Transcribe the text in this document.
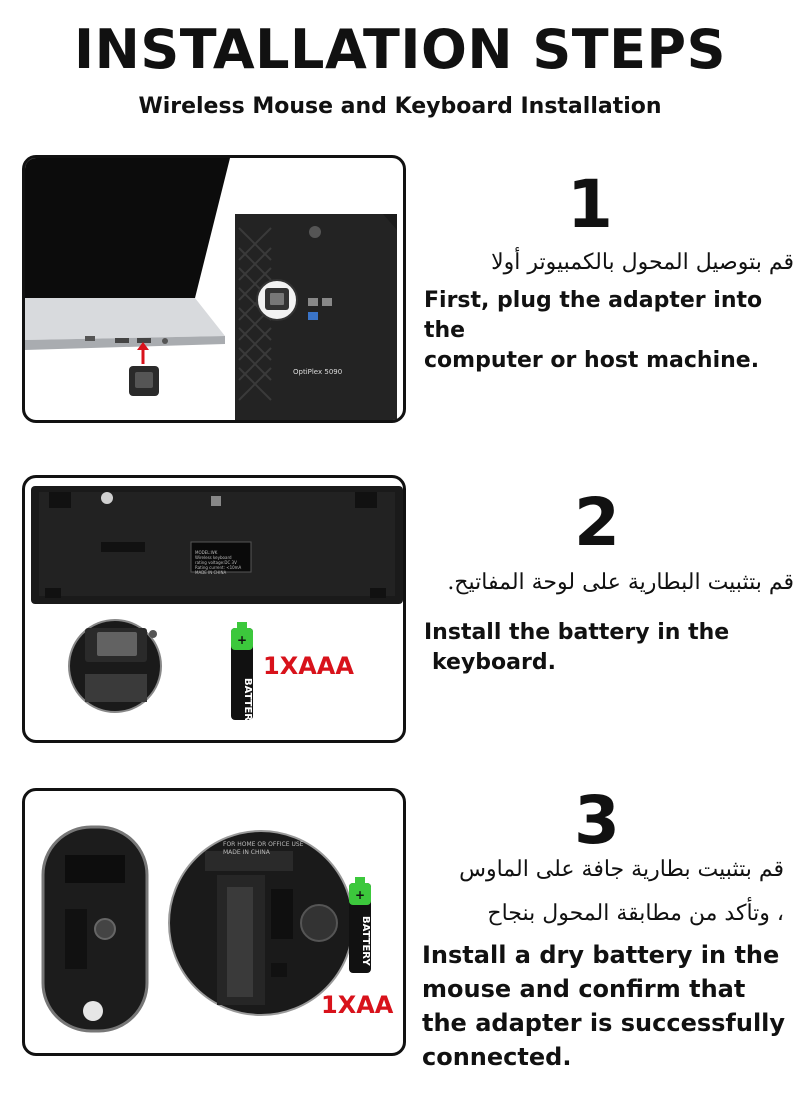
INSTALLATION STEPS
Wireless Mouse and Keyboard Installation
OptiPlex 5090
1
قم بتوصيل المحول بالكمبيوتر أولا
First, plug the adapter into the
computer or host machine.
+
MODEL:WK
Wireless keyboard
rating voltage:DC 3V
Rating current: <10mA
MADE IN CHINA
BATTERY
1XAAA
2
قم بتثبيت البطارية على لوحة المفاتيح.
Install the battery in the
keyboard.
+
FOR HOME OR OFFICE USE
MADE IN CHINA
BATTERY
1XAA
3
قم بتثبيت بطارية جافة على الماوس
، وتأكد من مطابقة المحول بنجاح
Install a dry battery in the
mouse and confirm that
the adapter is successfully
connected.
